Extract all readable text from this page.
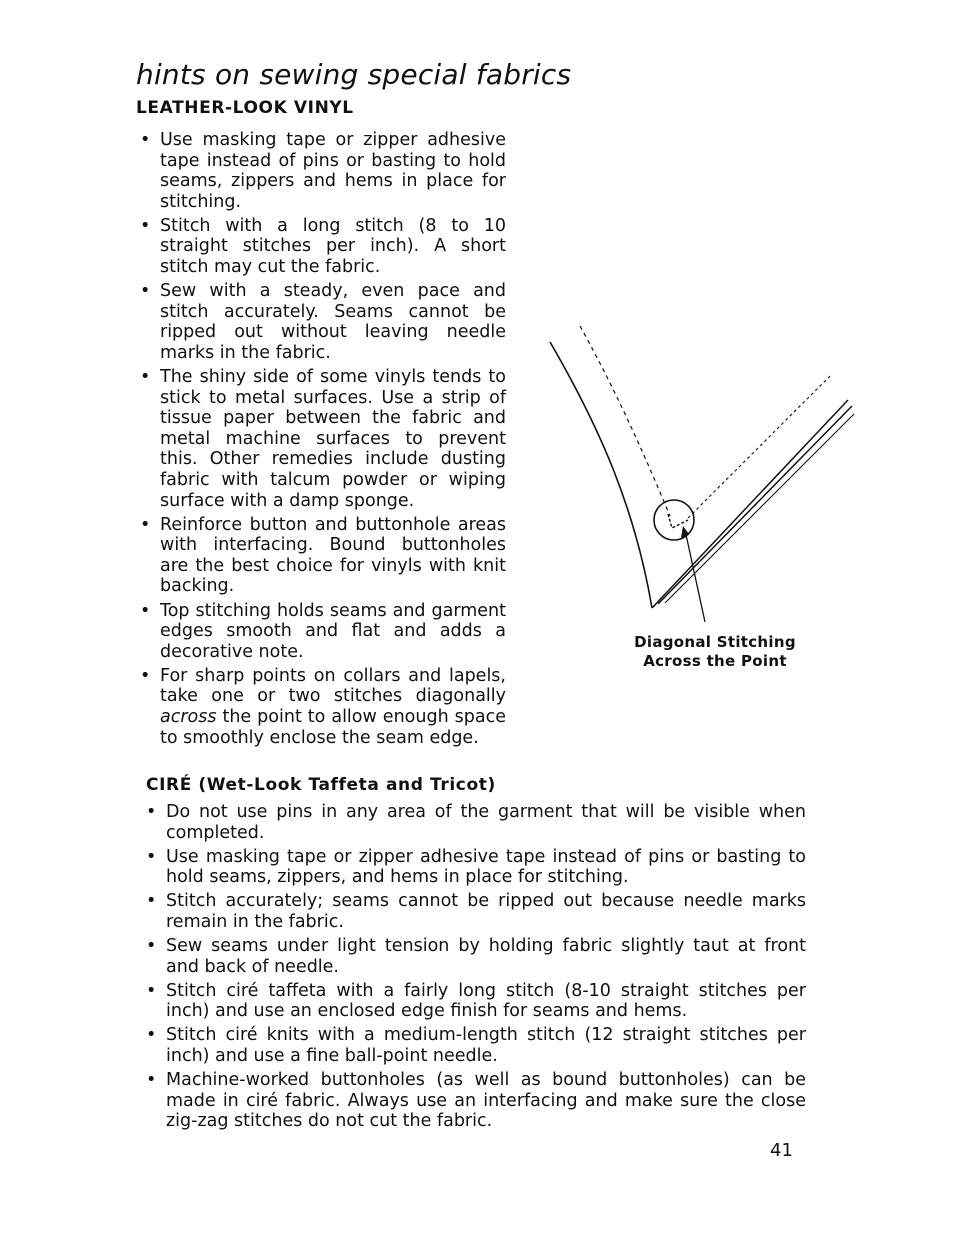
hints on sewing special fabrics
LEATHER-LOOK VINYL
• Use masking tape or zipper adhesive tape instead of pins or basting to hold seams, zippers and hems in place for stitching.
• Stitch with a long stitch (8 to 10 straight stitches per inch). A short stitch may cut the fabric.
• Sew with a steady, even pace and stitch accurately. Seams cannot be ripped out without leaving needle marks in the fabric.
• The shiny side of some vinyls tends to stick to metal surfaces. Use a strip of tissue paper between the fabric and metal machine surfaces to prevent this. Other remedies include dusting fabric with talcum powder or wiping surface with a damp sponge.
• Reinforce button and buttonhole areas with interfacing. Bound buttonholes are the best choice for vinyls with knit backing.
• Top stitching holds seams and garment edges smooth and flat and adds a decorative note.
• For sharp points on collars and lapels, take one or two stitches diagonally across the point to allow enough space to smoothly enclose the seam edge.
Diagonal Stitching
Across the Point
CIRÉ (Wet-Look Taffeta and Tricot)
• Do not use pins in any area of the garment that will be visible when completed.
• Use masking tape or zipper adhesive tape instead of pins or basting to hold seams, zippers, and hems in place for stitching.
• Stitch accurately; seams cannot be ripped out because needle marks remain in the fabric.
• Sew seams under light tension by holding fabric slightly taut at front and back of needle.
• Stitch ciré taffeta with a fairly long stitch (8-10 straight stitches per inch) and use an enclosed edge finish for seams and hems.
• Stitch ciré knits with a medium-length stitch (12 straight stitches per inch) and use a fine ball-point needle.
• Machine-worked buttonholes (as well as bound buttonholes) can be made in ciré fabric. Always use an interfacing and make sure the close zig-zag stitches do not cut the fabric.
41
